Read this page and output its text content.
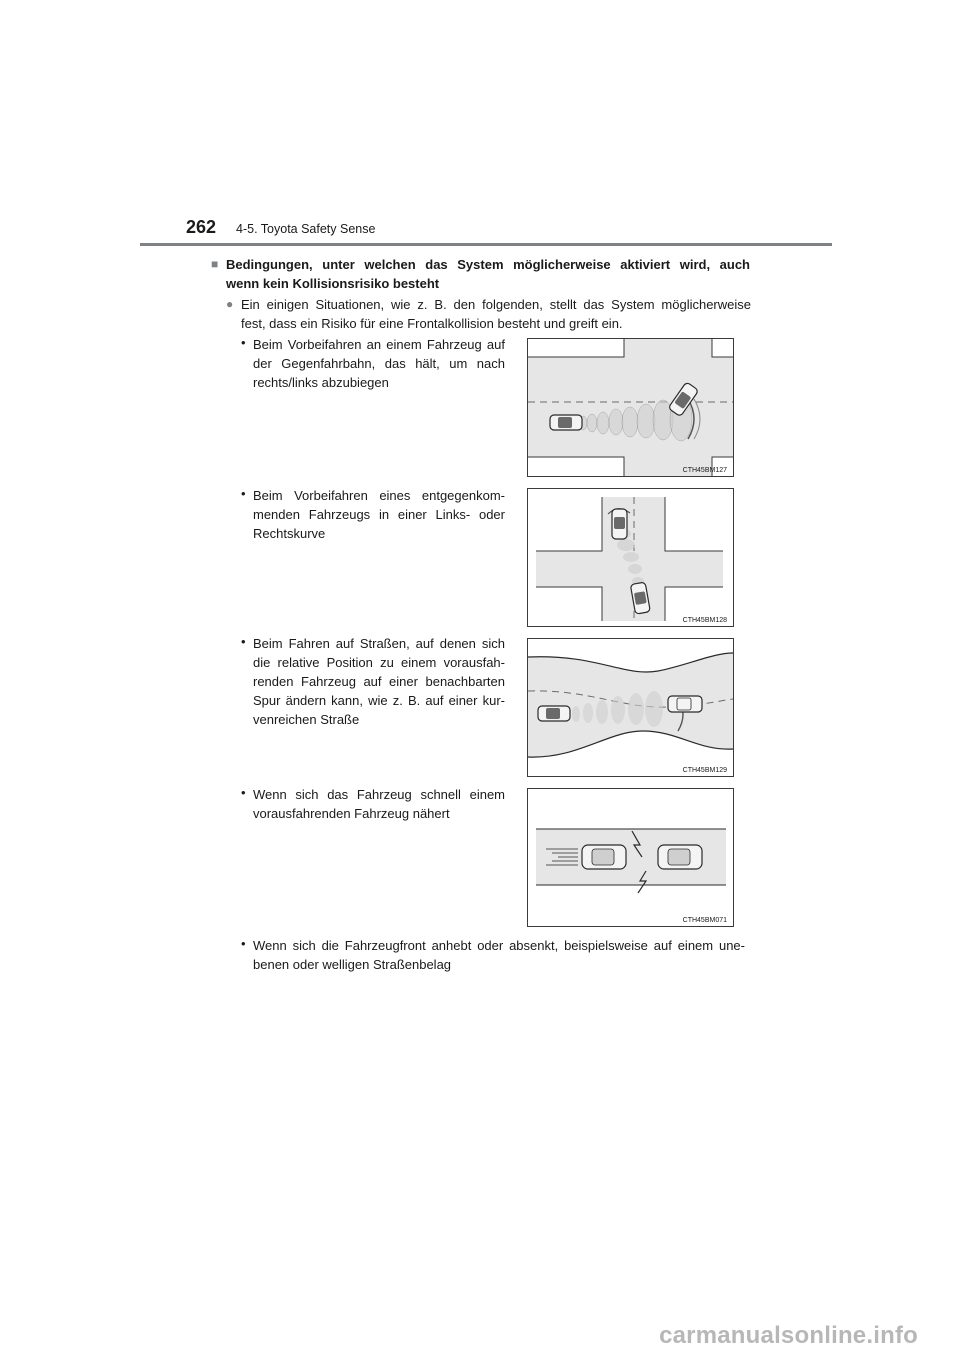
262 4-5. Toyota Safety Sense
■ Bedingungen, unter welchen das System möglicherweise aktiviert wird, auch
wenn kein Kollisionsrisiko besteht
● Ein einigen Situationen, wie z. B. den folgenden, stellt das System möglicherweise
fest, dass ein Risiko für eine Frontalkollision besteht und greift ein.
• Beim Vorbeifahren an einem Fahrzeug auf
der Gegenfahrbahn, das hält, um nach
rechts/links abzubiegen
CTH45BM127
• Beim Vorbeifahren eines entgegenkom-
menden Fahrzeugs in einer Links- oder
Rechtskurve
CTH45BM128
• Beim Fahren auf Straßen, auf denen sich
die relative Position zu einem vorausfah-
renden Fahrzeug auf einer benachbarten
Spur ändern kann, wie z. B. auf einer kur-
venreichen Straße
CTH45BM129
• Wenn sich das Fahrzeug schnell einem
vorausfahrenden Fahrzeug nähert
CTH45BM071
• Wenn sich die Fahrzeugfront anhebt oder absenkt, beispielsweise auf einem une-
benen oder welligen Straßenbelag
carmanualsonline.info
